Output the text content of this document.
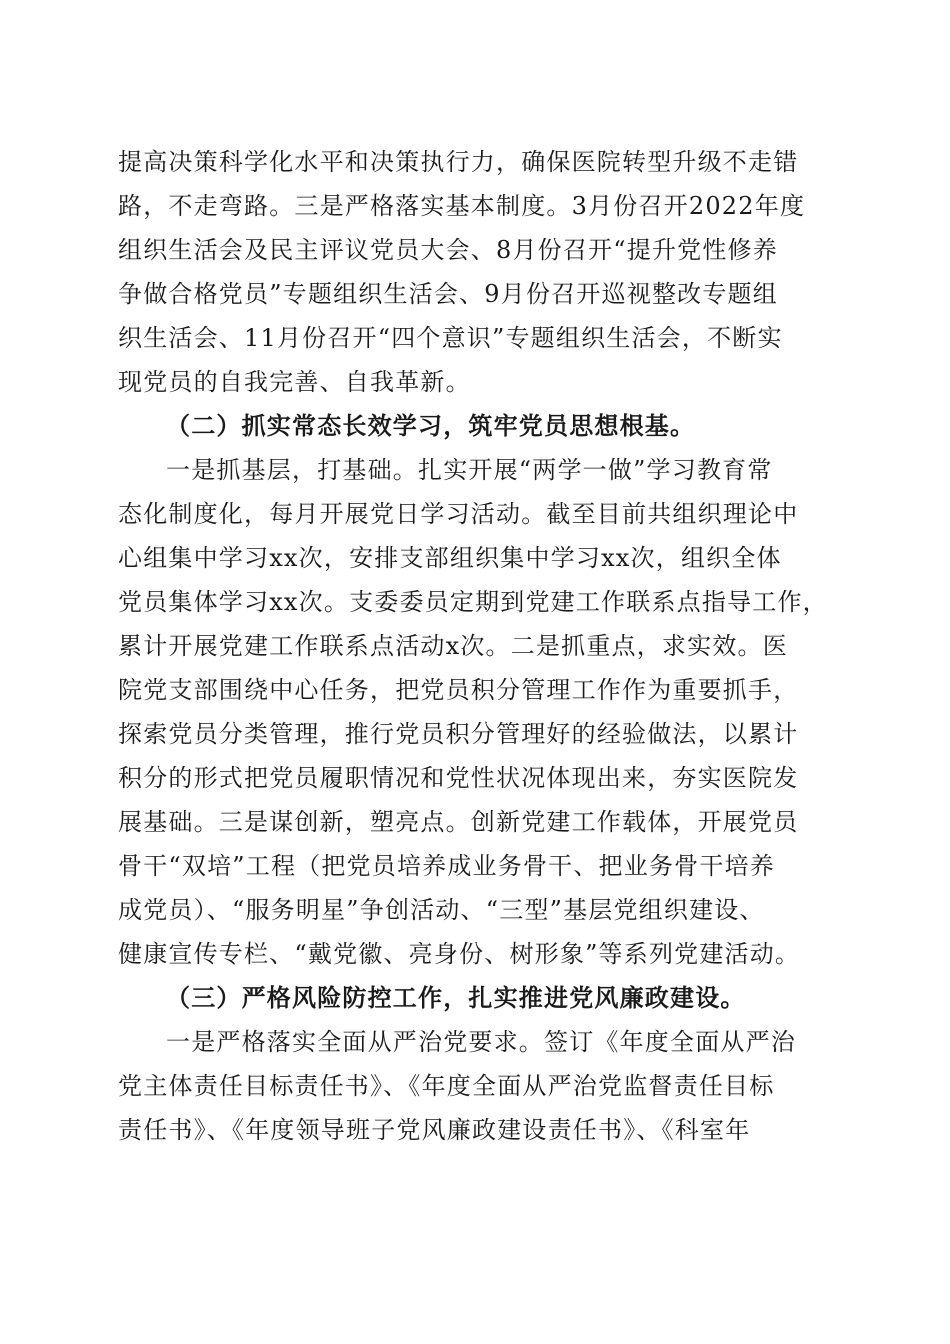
提高决策科学化水平和决策执行力，确保医院转型升级不走错
路，不走弯路。三是严格落实基本制度。3月份召开2022年度
组织生活会及民主评议党员大会、8月份召开“提升党性修养
争做合格党员”专题组织生活会、9月份召开巡视整改专题组
织生活会、11月份召开“四个意识”专题组织生活会，不断实
现党员的自我完善、自我革新。
（二）抓实常态长效学习，筑牢党员思想根基。
一是抓基层，打基础。扎实开展“两学一做”学习教育常
态化制度化，每月开展党日学习活动。截至目前共组织理论中
心组集中学习xx次，安排支部组织集中学习xx次，组织全体
党员集体学习xx次。支委委员定期到党建工作联系点指导工作，
累计开展党建工作联系点活动x次。二是抓重点，求实效。医
院党支部围绕中心任务，把党员积分管理工作作为重要抓手，
探索党员分类管理，推行党员积分管理好的经验做法，以累计
积分的形式把党员履职情况和党性状况体现出来，夯实医院发
展基础。三是谋创新，塑亮点。创新党建工作载体，开展党员
骨干“双培”工程（把党员培养成业务骨干、把业务骨干培养
成党员）、“服务明星”争创活动、“三型”基层党组织建设、
健康宣传专栏、“戴党徽、亮身份、树形象”等系列党建活动。
（三）严格风险防控工作，扎实推进党风廉政建设。
一是严格落实全面从严治党要求。签订《年度全面从严治
党主体责任目标责任书》、《年度全面从严治党监督责任目标
责任书》、《年度领导班子党风廉政建设责任书》、《科室年
